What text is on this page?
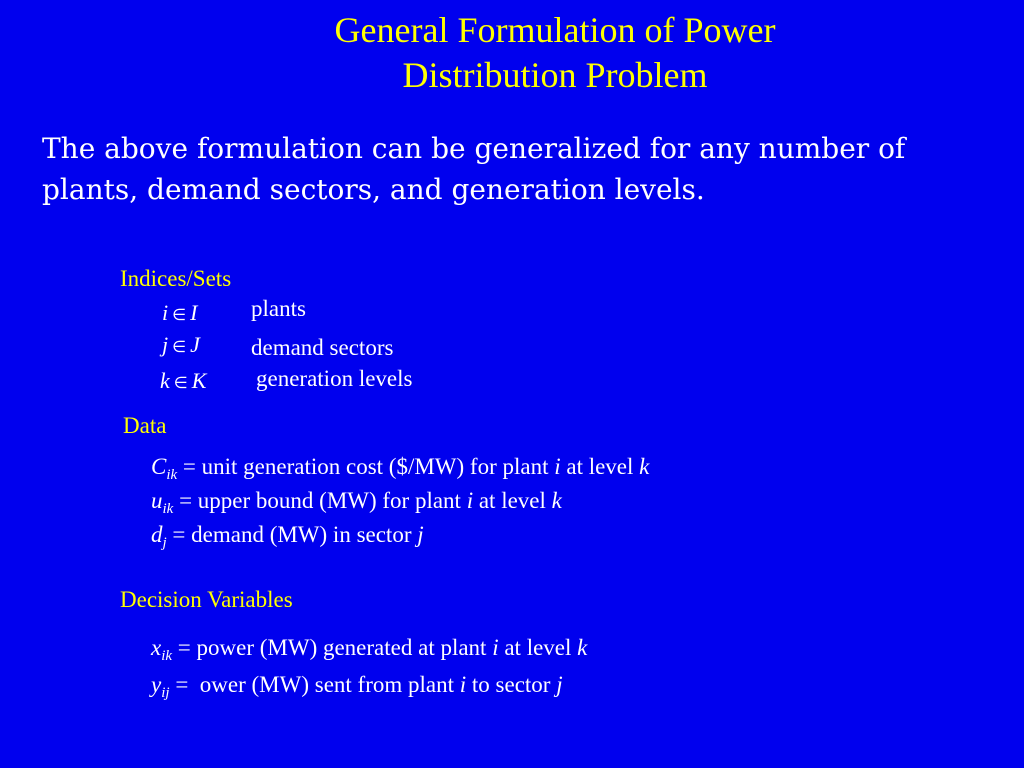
General Formulation of Power
Distribution Problem
The above formulation can be generalized for any number of plants, demand sectors, and generation levels.
Indices/Sets
i ∈ I plants
j ∈ J demand sectors
k ∈ K generation levels
Data
$C_{ik}$ = unit generation cost ($/MW) for plant i at level k
$u_{ik}$ = upper bound (MW) for plant i at level k
$d_j$ = demand (MW) in sector j
Decision Variables
$x_{ik}$ = power (MW) generated at plant i at level k
$y_{ij}$ =  ower (MW) sent from plant i to sector j
